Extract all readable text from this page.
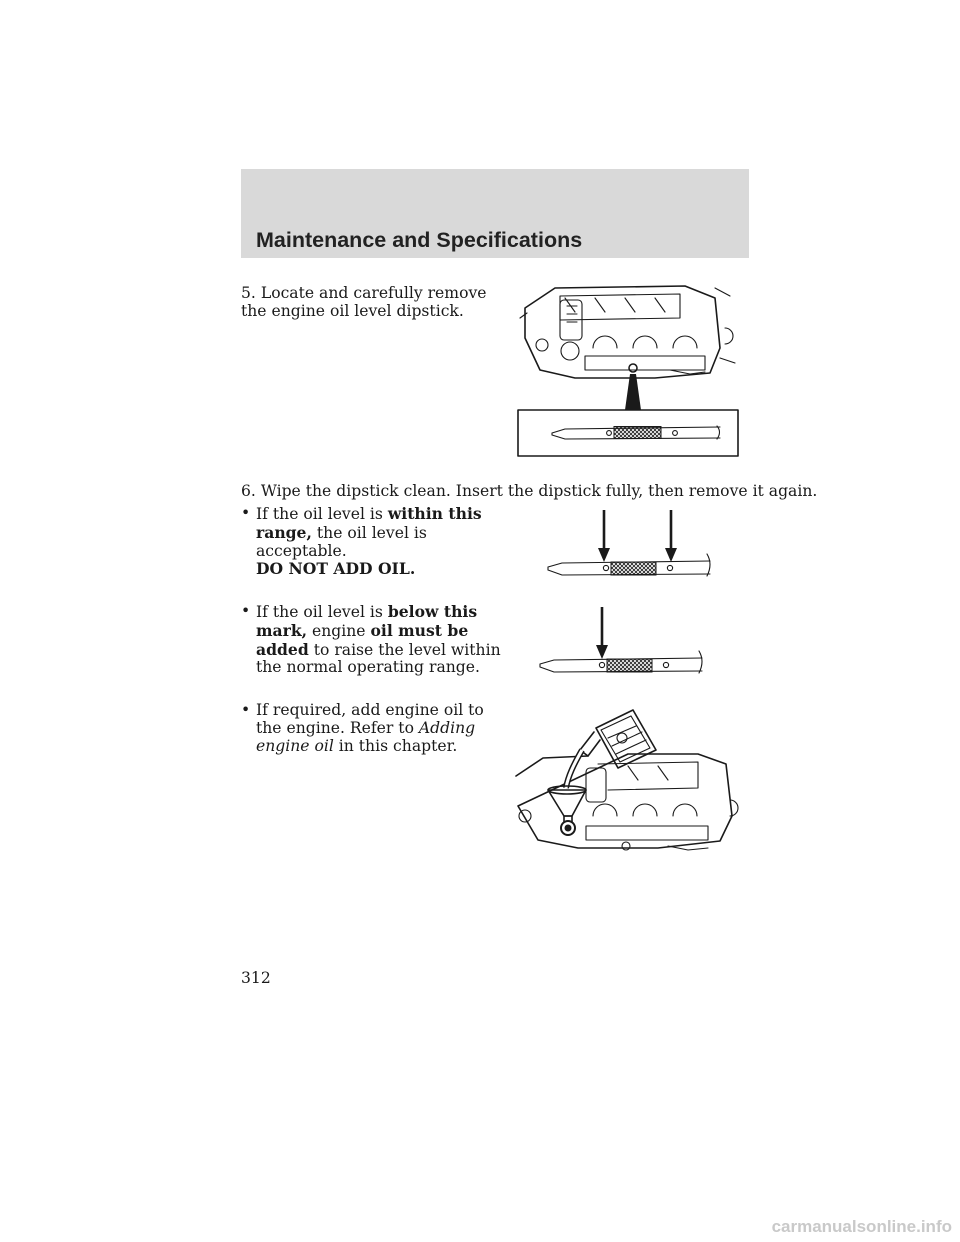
Maintenance and Specifications
5. Locate and carefully remove the engine oil level dipstick.
6. Wipe the dipstick clean. Insert the dipstick fully, then remove it again.
• If the oil level is within this range, the oil level is acceptable.
DO NOT ADD OIL.
• If the oil level is below this mark, engine oil must be added to raise the level within the normal operating range.
• If required, add engine oil to the engine. Refer to Adding engine oil in this chapter.
312
carmanualsonline.info
